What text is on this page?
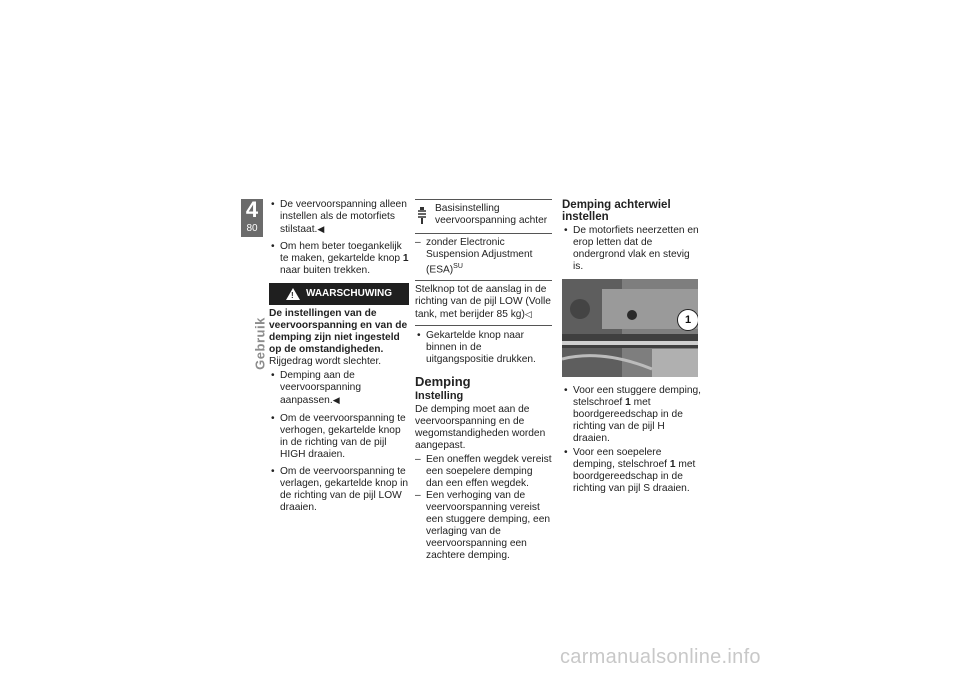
4
80
Gebruik
• De veervoorspanning alleen instellen als de motorfiets stilstaat.◀
• Om hem beter toegankelijk te maken, gekartelde knop 1 naar buiten trekken.
! WAARSCHUWING
De instellingen van de veervoorspanning en van de demping zijn niet ingesteld op de omstandigheden.
Rijgedrag wordt slechter.
• Demping aan de veervoorspanning aanpassen.◀
• Om de veervoorspanning te verhogen, gekartelde knop in de richting van de pijl HIGH draaien.
• Om de veervoorspanning te verlagen, gekartelde knop in de richting van de pijl LOW draaien.
Basisinstelling veervoorspanning achter
– zonder Electronic Suspension Adjustment (ESA)$^{SU}$
Stelknop tot de aanslag in de richting van de pijl LOW (Volle tank, met berijder 85 kg)◁
• Gekartelde knop naar binnen in de uitgangspositie drukken.
Demping
Instelling
De demping moet aan de veervoorspanning en de wegomstandigheden worden aangepast.
– Een oneffen wegdek vereist een soepelere demping dan een effen wegdek.
– Een verhoging van de veervoorspanning vereist een stuggere demping, een verlaging van de veervoorspanning een zachtere demping.
Demping achterwiel instellen
• De motorfiets neerzetten en erop letten dat de ondergrond vlak en stevig is.
1
• Voor een stuggere demping, stelschroef 1 met boordgereedschap in de richting van de pijl H draaien.
• Voor een soepelere demping, stelschroef 1 met boordgereedschap in de richting van pijl S draaien.
carmanualsonline.info
